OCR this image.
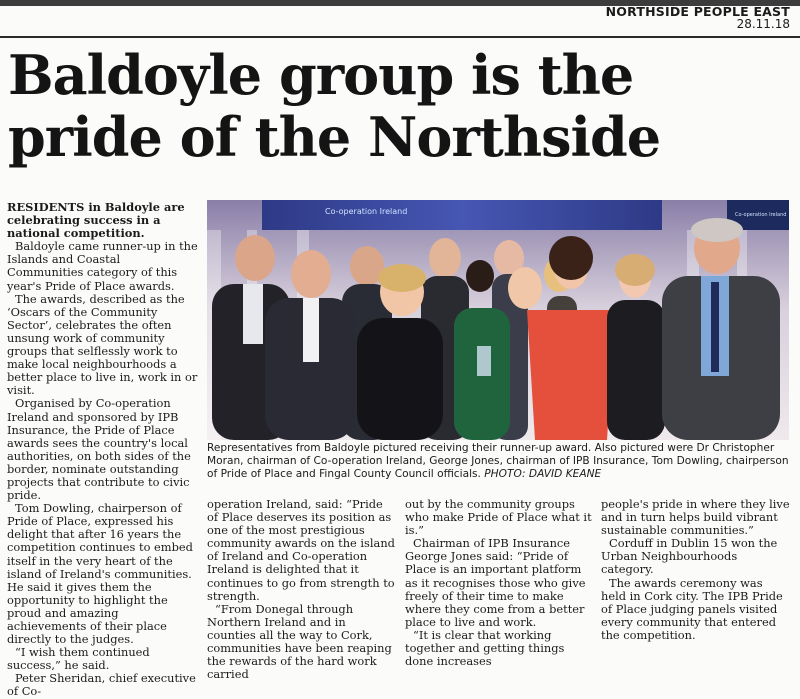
NORTHSIDE PEOPLE EAST
28.11.18
Baldoyle group is the
pride of the Northside

RESIDENTS in Baldoyle are celebrating success in a national competition.

Baldoyle came runner-up in the Islands and Coastal Communities category of this year's Pride of Place awards.

The awards, described as the ‘Oscars of the Community Sector’, celebrates the often unsung work of community groups that selflessly work to make local neighbourhoods a better place to live in, work in or visit.

Organised by Co-operation Ireland and sponsored by IPB Insurance, the Pride of Place awards sees the country's local authorities, on both sides of the border, nominate outstanding projects that contribute to civic pride.

Tom Dowling, chairperson of Pride of Place, expressed his delight that after 16 years the competition continues to embed itself in the very heart of the island of Ireland's communities. He said it gives them the opportunity to highlight the proud and amazing achievements of their place directly to the judges.

“I wish them continued success,” he said.

Peter Sheridan, chief executive of Co-

Co-operation Ireland	Co-operation Ireland
Representatives from Baldoyle pictured receiving their runner-up award. Also pictured were Dr Christopher Moran, chairman of Co-operation Ireland, George Jones, chairman of IPB Insurance, Tom Dowling, chairperson of Pride of Place and Fingal County Council officials. PHOTO: DAVID KEANE

operation Ireland, said: “Pride of Place deserves its position as one of the most prestigious community awards on the island of Ireland and Co-operation Ireland is delighted that it continues to go from strength to strength.

“From Donegal through Northern Ireland and in counties all the way to Cork, communities have been reaping the rewards of the hard work carried

out by the community groups who make Pride of Place what it is.”

Chairman of IPB Insurance George Jones said: “Pride of Place is an important platform as it recognises those who give freely of their time to make where they come from a better place to live and work.

“It is clear that working together and getting things done increases

people's pride in where they live and in turn helps build vibrant sustainable communities.”

Corduff in Dublin 15 won the Urban Neighbourhoods category.

The awards ceremony was held in Cork city. The IPB Pride of Place judging panels visited every community that entered the competition.
